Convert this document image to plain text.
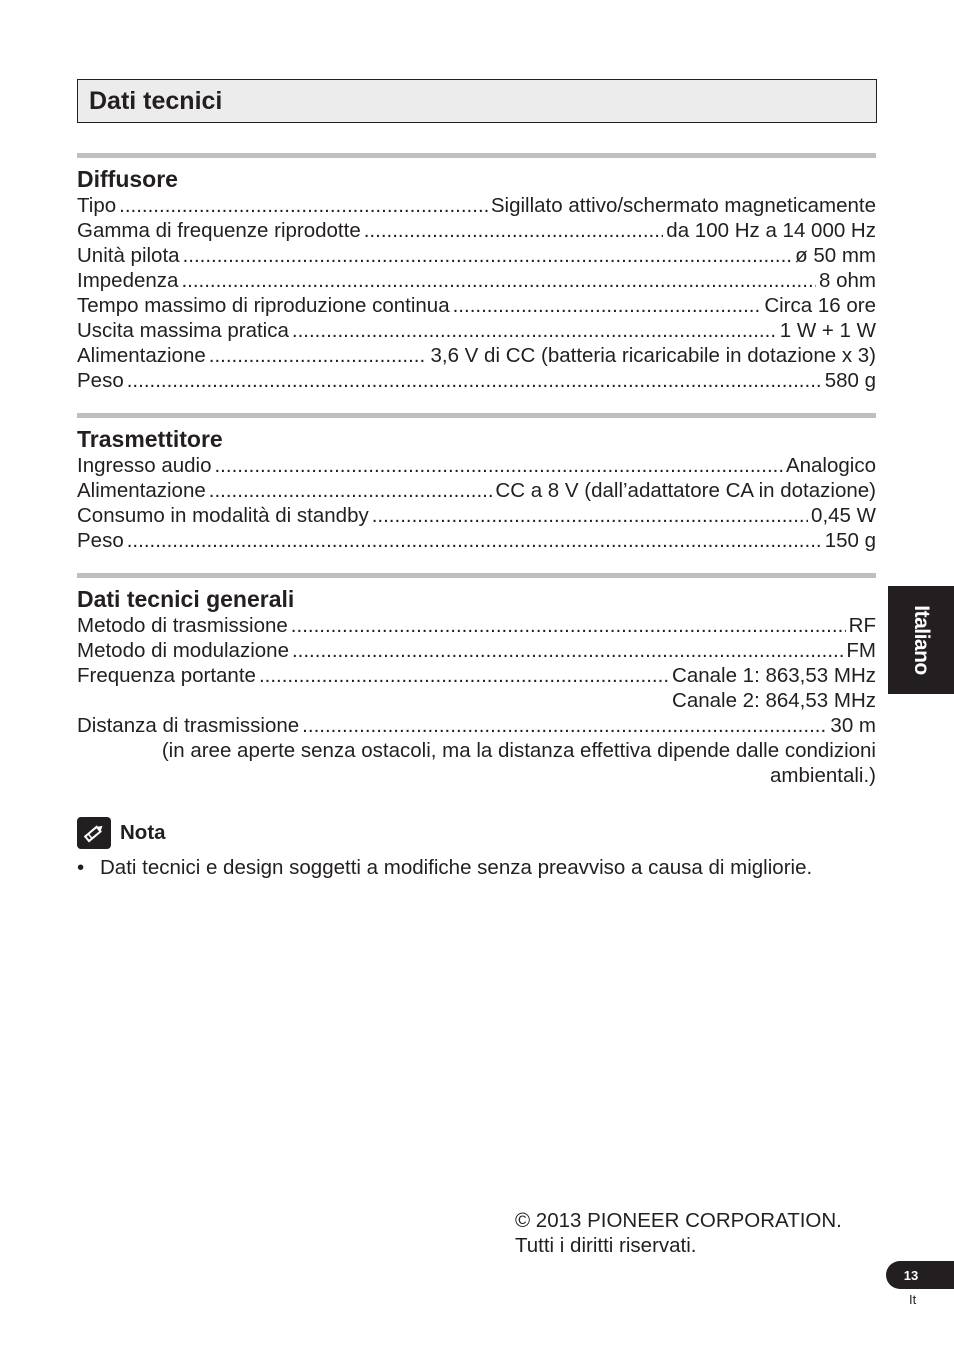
Dati tecnici
Diffusore
Tipo .....	Sigillato attivo/schermato magneticamente
Gamma di frequenze riprodotte .....	da 100 Hz a 14 000 Hz
Unità pilota .....	ø 50 mm
Impedenza .....	8 ohm
Tempo massimo di riproduzione continua .....	Circa 16 ore
Uscita massima pratica .....	1 W + 1 W
Alimentazione .....	3,6 V di CC (batteria ricaricabile in dotazione x 3)
Peso .....	580 g
Trasmettitore
Ingresso audio .....	Analogico
Alimentazione .....	CC a 8 V (dall’adattatore CA in dotazione)
Consumo in modalità di standby .....	0,45 W
Peso .....	150 g
Dati tecnici generali
Metodo di trasmissione .....	RF
Metodo di modulazione .....	FM
Frequenza portante .....	Canale 1: 863,53 MHz
Canale 2: 864,53 MHz
Distanza di trasmissione .....	30 m
(in aree aperte senza ostacoli, ma la distanza effettiva dipende dalle condizioni
ambientali.)
Nota
• Dati tecnici e design soggetti a modifiche senza preavviso a causa di migliorie.
© 2013 PIONEER CORPORATION.
Tutti i diritti riservati.
Italiano
13
It
